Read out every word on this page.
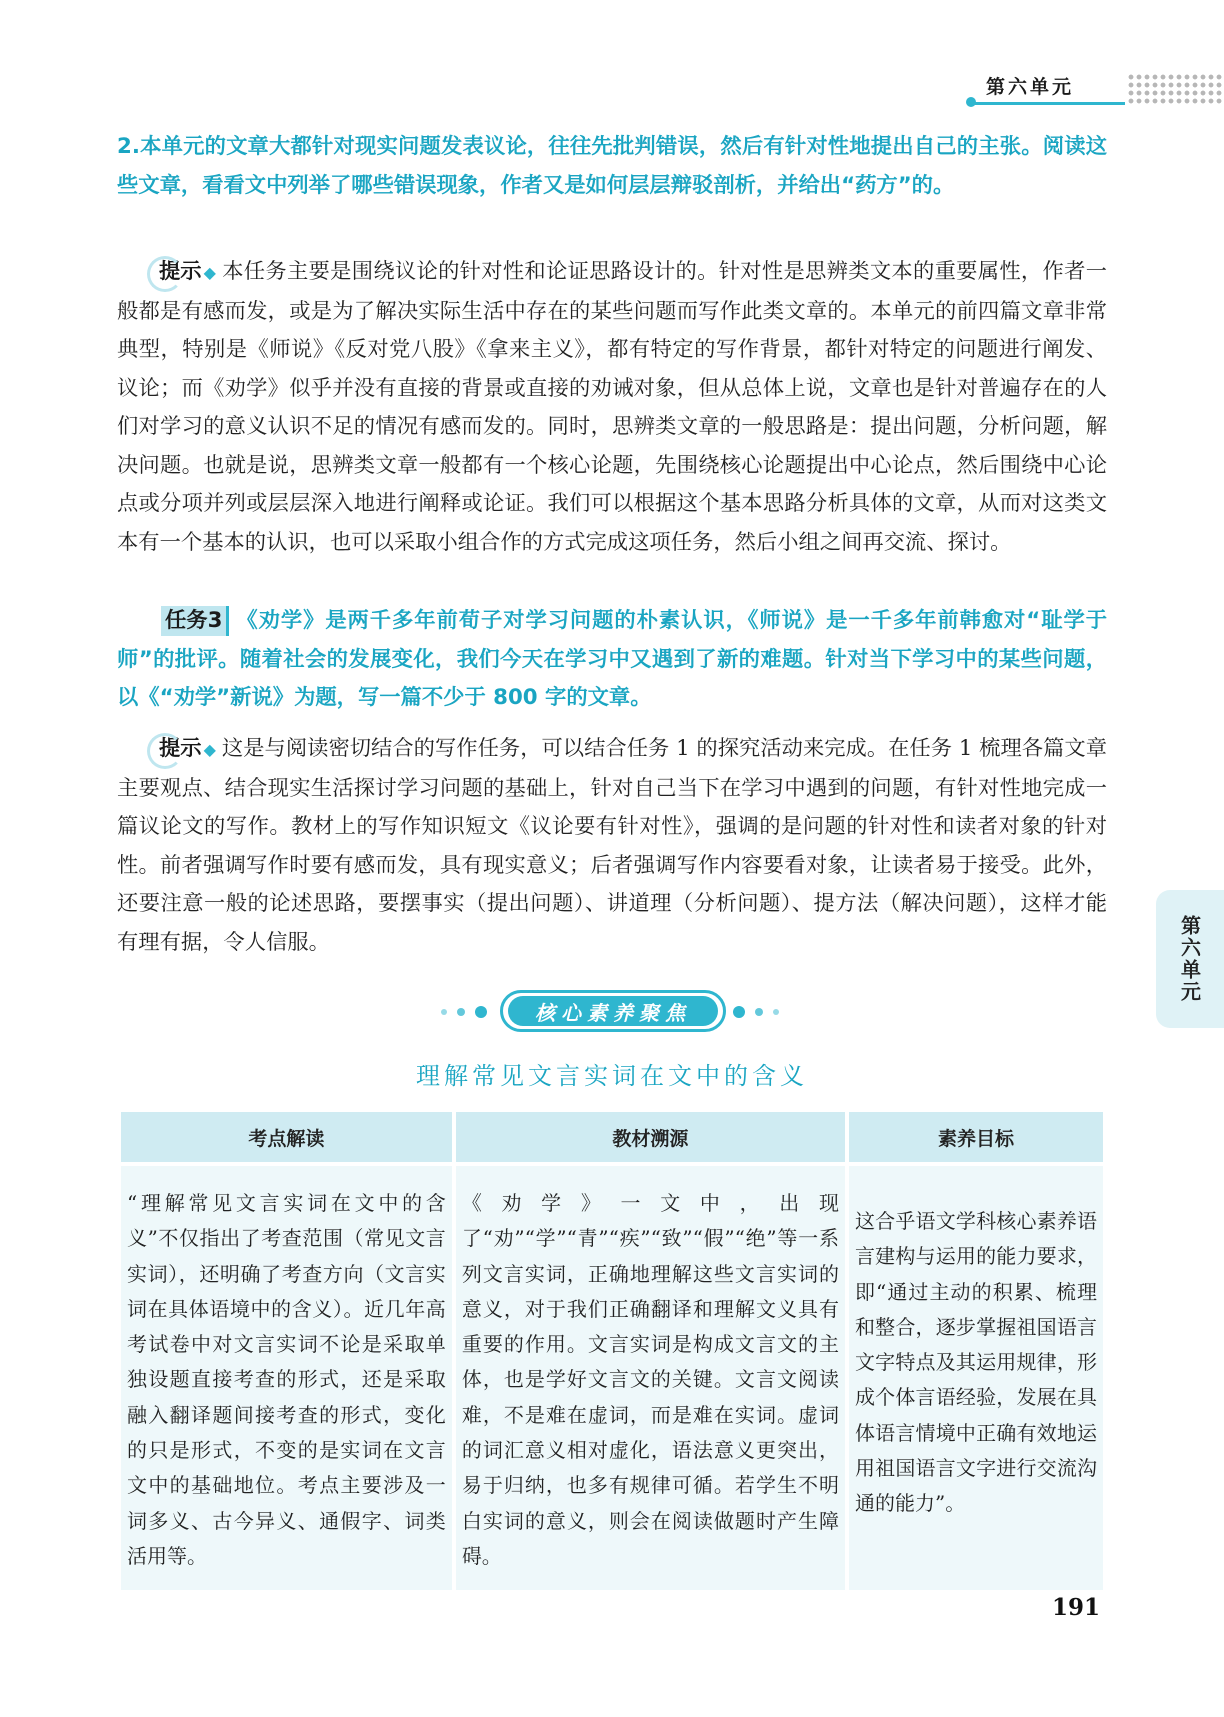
第六单元
第六单元

2.本单元的文章大都针对现实问题发表议论，往往先批判错误，然后有针对性地提出自己的主张。阅读这些文章，看看文中列举了哪些错误现象，作者又是如何层层辩驳剖析，并给出“药方”的。

提示 ◆ 本任务主要是围绕议论的针对性和论证思路设计的。针对性是思辨类文本的重要属性，作者一般都是有感而发，或是为了解决实际生活中存在的某些问题而写作此类文章的。本单元的前四篇文章非常典型，特别是《师说》《反对党八股》《拿来主义》，都有特定的写作背景，都针对特定的问题进行阐发、议论；而《劝学》似乎并没有直接的背景或直接的劝诫对象，但从总体上说，文章也是针对普遍存在的人们对学习的意义认识不足的情况有感而发的。同时，思辨类文章的一般思路是：提出问题，分析问题，解决问题。也就是说，思辨类文章一般都有一个核心论题，先围绕核心论题提出中心论点，然后围绕中心论点或分项并列或层层深入地进行阐释或论证。我们可以根据这个基本思路分析具体的文章，从而对这类文本有一个基本的认识，也可以采取小组合作的方式完成这项任务，然后小组之间再交流、探讨。

任务3 《劝学》是两千多年前荀子对学习问题的朴素认识，《师说》是一千多年前韩愈对“耻学于师”的批评。随着社会的发展变化，我们今天在学习中又遇到了新的难题。针对当下学习中的某些问题，以《“劝学”新说》为题，写一篇不少于 800 字的文章。

提示 ◆ 这是与阅读密切结合的写作任务，可以结合任务 1 的探究活动来完成。在任务 1 梳理各篇文章主要观点、结合现实生活探讨学习问题的基础上，针对自己当下在学习中遇到的问题，有针对性地完成一篇议论文的写作。教材上的写作知识短文《议论要有针对性》，强调的是问题的针对性和读者对象的针对性。前者强调写作时要有感而发，具有现实意义；后者强调写作内容要看对象，让读者易于接受。此外，还要注意一般的论述思路，要摆事实（提出问题）、讲道理（分析问题）、提方法（解决问题），这样才能有理有据，令人信服。

核心素养聚焦
理解常见文言实词在文中的含义
考点解读	教材溯源	素养目标

“理解常见文言实词在文中的含义”不仅指出了考查范围（常见文言实词），还明确了考查方向（文言实词在具体语境中的含义）。近几年高考试卷中对文言实词不论是采取单独设题直接考查的形式，还是采取融入翻译题间接考查的形式，变化的只是形式，不变的是实词在文言文中的基础地位。考点主要涉及一词多义、古今异义、通假字、词类活用等。	《劝学》一文中，出现了“劝”“学”“青”“疾”“致”“假”“绝”等一系列文言实词，正确地理解这些文言实词的意义，对于我们正确翻译和理解文义具有重要的作用。文言实词是构成文言文的主体，也是学好文言文的关键。文言文阅读难，不是难在虚词，而是难在实词。虚词的词汇意义相对虚化，语法意义更突出，易于归纳，也多有规律可循。若学生不明白实词的意义，则会在阅读做题时产生障碍。	这合乎语文学科核心素养语言建构与运用的能力要求，即“通过主动的积累、梳理和整合，逐步掌握祖国语言文字特点及其运用规律，形成个体言语经验，发展在具体语言情境中正确有效地运用祖国语言文字进行交流沟通的能力”。
191
